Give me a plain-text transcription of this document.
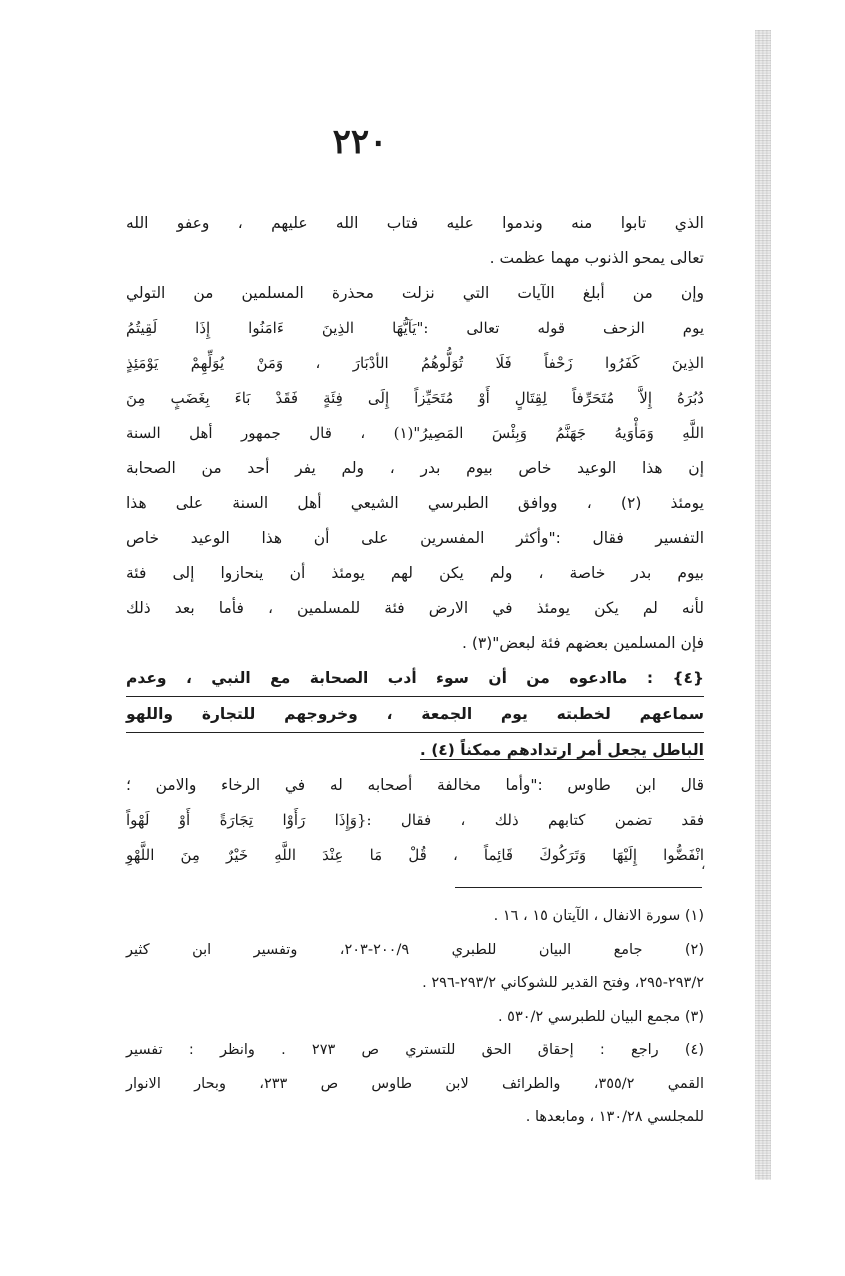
٢٢٠
الذي تابوا منه وندموا عليه فتاب الله عليهم ، وعفو الله
تعالى يمحو الذنوب مهما عظمت .
وإن من أبلغ الآيات التي نزلت محذرة المسلمين من التولي
يوم الزحف قوله تعالى :"يَآيُّهَا الذِينَ ءَامَنُوا إِذَا لَقِيتُمُ
الذِينَ كَفَرُوا زَحْفاً فَلَا تُوَلُّوهُمُ الأدْبَارَ ، وَمَنْ يُوَلِّهِمْ يَوْمَئِذٍ
دُبُرَهُ إِلاَّ مُتَحَرِّفاً لِقِتَالٍ أَوْ مُتَحَيِّزاً إِلَى فِئَةٍ فَقَدْ بَاءَ بِغَضَبٍ مِنَ
اللَّهِ وَمَأْوَيهُ جَهَنَّمُ وَبِئْسَ المَصِيرُ"(١) ، قال جمهور أهل السنة
إن هذا الوعيد خاص بيوم بدر ، ولم يفر أحد من الصحابة
يومئذ (٢) ، ووافق الطبرسي الشيعي أهل السنة على هذا
التفسير فقال :"وأكثر المفسرين على أن هذا الوعيد خاص
بيوم بدر خاصة ، ولم يكن لهم يومئذ أن ينحازوا إلى فئة
لأنه لم يكن يومئذ في الارض فئة للمسلمين ، فأما بعد ذلك
فإن المسلمين بعضهم فئة لبعض"(٣) .
{٤} : ماادعوه من أن سوء أدب الصحابة مع النبي ، وعدم
سماعهم لخطبته يوم الجمعة ، وخروجهم للتجارة واللهو
الباطل يجعل أمر ارتدادهم ممكناً (٤) .
قال ابن طاوس :"وأما مخالفة أصحابه له في الرخاء والامن ؛
فقد تضمن كتابهم ذلك ، فقال :{وَإِذَا رَأَوْا تِجَارَةً أَوْ لَهْواً
انْفَضُّوا إِلَيْهَا وَتَرَكُوكَ قَائِماً ، قُلْ مَا عِنْدَ اللَّهِ خَيْرٌ مِنَ اللَّهْوِ
،
(١) سورة الانفال ، الآيتان ١٥ ، ١٦ .
(٢) جامع البيان للطبري ٢٠٠/٩-٢٠٣، وتفسير ابن كثير
٢٩٣/٢-٢٩٥، وفتح القدير للشوكاني ٢٩٣/٢-٢٩٦ .
(٣) مجمع البيان للطبرسي ٥٣٠/٢ .
(٤) راجع : إحقاق الحق للتستري ص ٢٧٣ . وانظر : تفسير
القمي ٣٥٥/٢، والطرائف لابن طاوس ص ٢٣٣، وبحار الانوار
للمجلسي ١٣٠/٢٨ ، ومابعدها .
